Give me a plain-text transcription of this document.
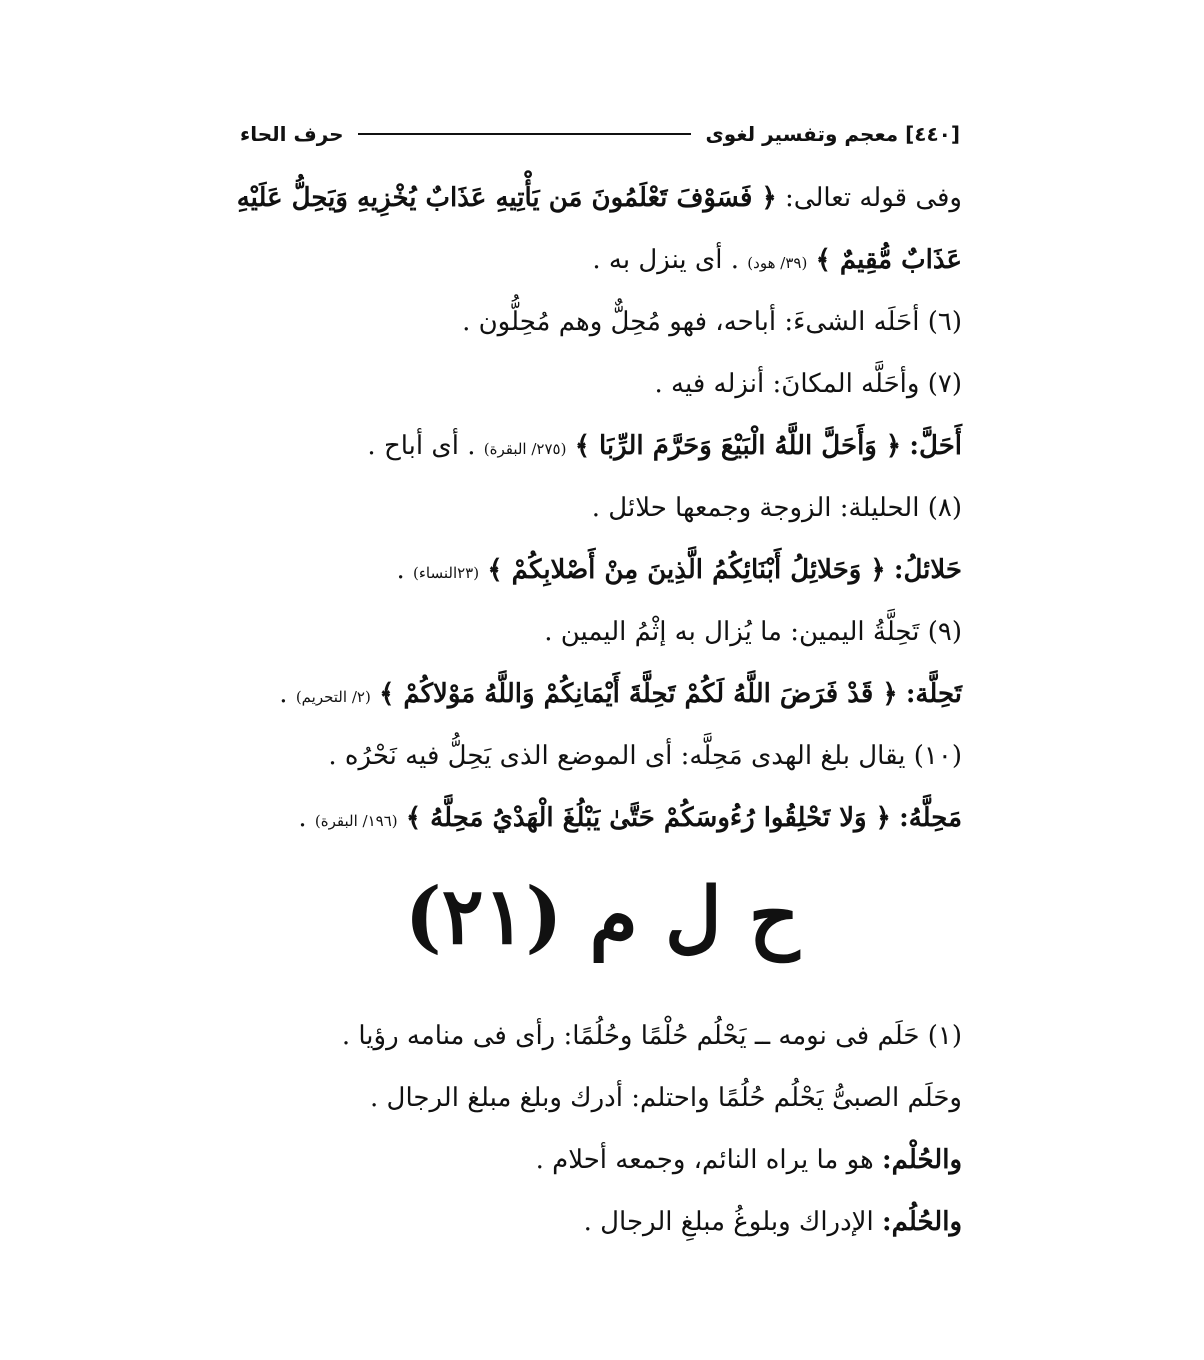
[٤٤٠] معجم وتفسير لغوى
حرف الحاء
وفى قوله تعالى: ﴿ فَسَوْفَ تَعْلَمُونَ مَن يَأْتِيهِ عَذَابٌ يُخْزِيهِ وَيَحِلُّ عَلَيْهِ
عَذَابٌ مُّقِيمٌ ﴾ (٣٩/ هود) . أى ينزل به .
(٦) أحَلَه الشىءَ: أباحه، فهو مُحِلٌّ وهم مُحِلُّون .
(٧) وأحَلَّه المكانَ: أنزله فيه .
أَحَلَّ: ﴿ وَأَحَلَّ اللَّهُ الْبَيْعَ وَحَرَّمَ الرِّبَا ﴾ (٢٧٥/ البقرة) . أى أباح .
(٨) الحليلة: الزوجة وجمعها حلائل .
حَلائلُ: ﴿ وَحَلائِلُ أَبْنَائِكُمُ الَّذِينَ مِنْ أَصْلابِكُمْ ﴾ (٢٣النساء) .
(٩) تَحِلَّةُ اليمين: ما يُزال به إثْمُ اليمين .
تَحِلَّة: ﴿ قَدْ فَرَضَ اللَّهُ لَكُمْ تَحِلَّةَ أَيْمَانِكُمْ وَاللَّهُ مَوْلاكُمْ ﴾ (٢/ التحريم) .
(١٠) يقال بلغ الهدى مَحِلَّه: أى الموضع الذى يَحِلُّ فيه نَحْرُه .
مَحِلَّهُ: ﴿ وَلا تَحْلِقُوا رُءُوسَكُمْ حَتَّىٰ يَبْلُغَ الْهَدْيُ مَحِلَّهُ ﴾ (١٩٦/ البقرة) .
ح ل م (٢١)
(١) حَلَم فى نومه ــ يَحْلُم حُلْمًا وحُلُمًا: رأى فى منامه رؤيا .
وحَلَم الصبىُّ يَحْلُم حُلُمًا واحتلم: أدرك وبلغ مبلغ الرجال .
والحُلْم: هو ما يراه النائم، وجمعه أحلام .
والحُلُم: الإدراك وبلوغُ مبلغِ الرجال .
